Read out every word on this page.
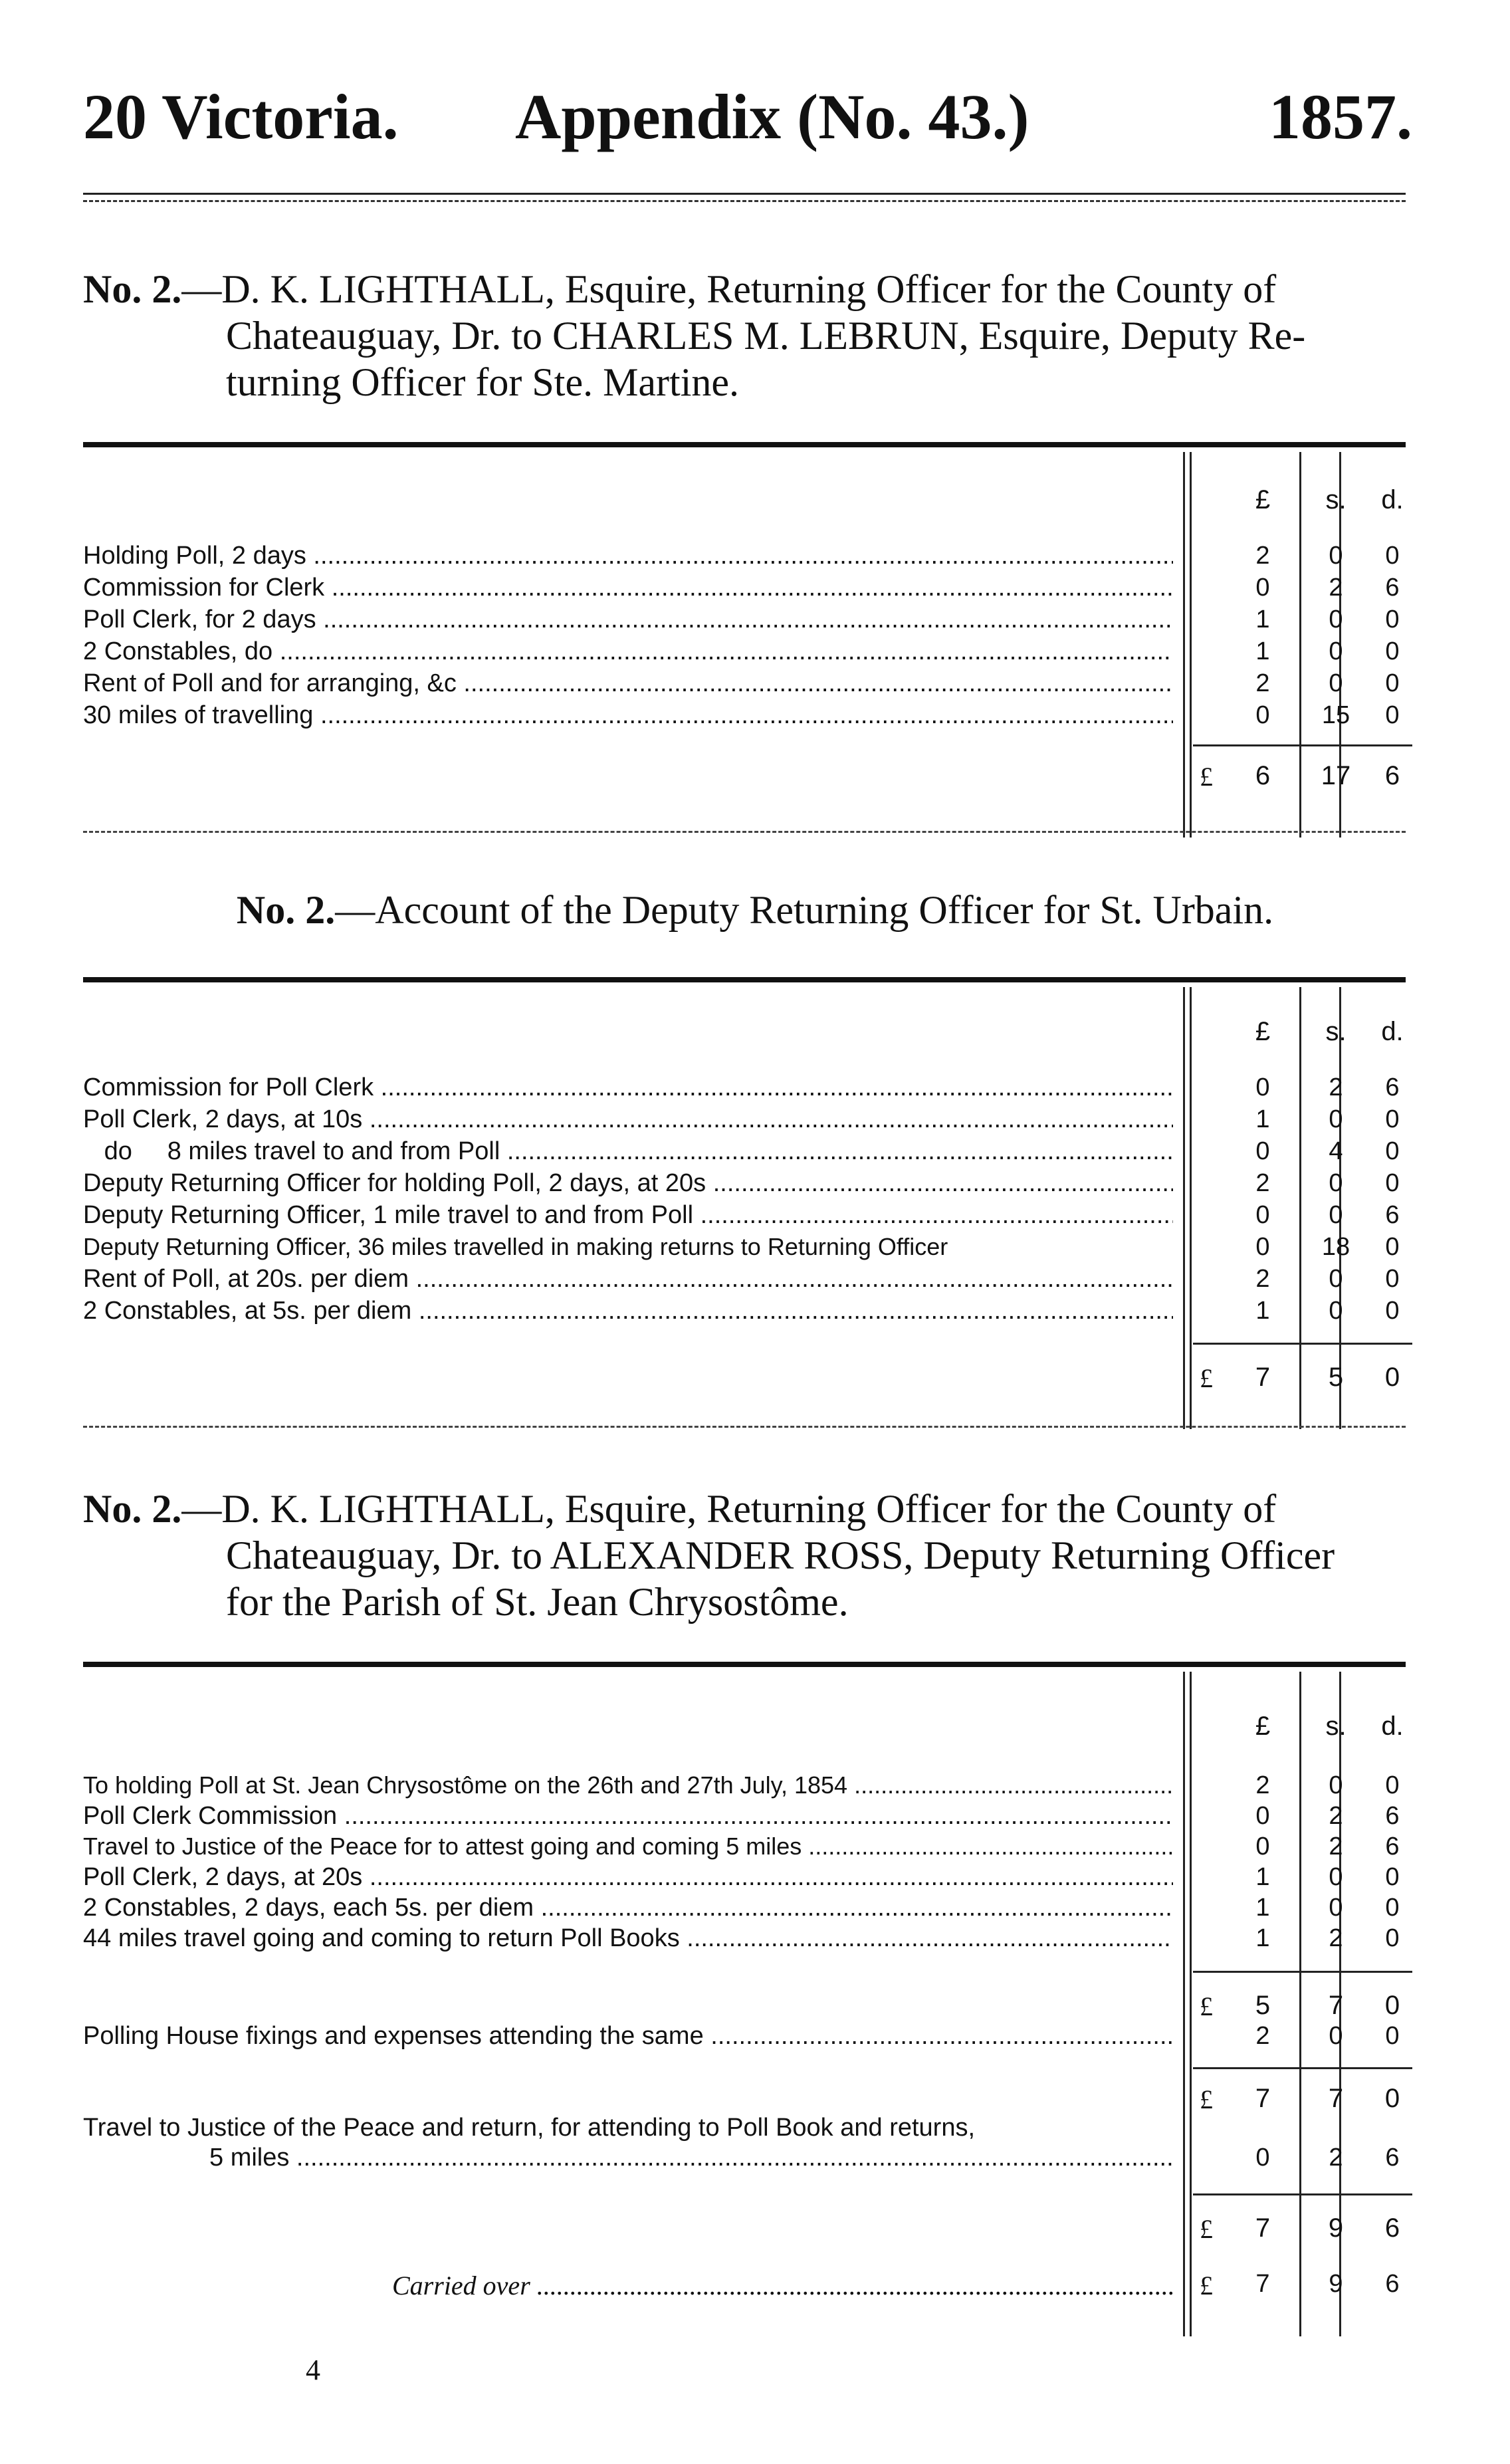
20 Victoria. Appendix (No. 43.)	1857.
No. 2.—D. K. LIGHTHALL, Esquire, Returning Officer for the County of
Chateauguay, Dr. to CHARLES M. LEBRUN, Esquire, Deputy Re-
turning Officer for Ste. Martine.
£	s.	d.
Holding Poll, 2 days .....	2	0	0
Commission for Clerk .....	0	2	6
Poll Clerk, for 2 days .....	1	0	0
2 Constables, do .....	1	0	0
Rent of Poll and for arranging, &c .....	2	0	0
30 miles of travelling .....	0	15	0
£	6	17	6
No. 2.—Account of the Deputy Returning Officer for St. Urbain.
£	s.	d.
Commission for Poll Clerk .....	0	2	6
Poll Clerk, 2 days, at 10s .....	1	0	0
do     8 miles travel to and from Poll .....	0	4	0
Deputy Returning Officer for holding Poll, 2 days, at 20s .....	2	0	0
Deputy Returning Officer, 1 mile travel to and from Poll .....	0	0	6
Deputy Returning Officer, 36 miles travelled in making returns to Returning Officer	0	18	0
Rent of Poll, at 20s. per diem .....	2	0	0
2 Constables, at 5s. per diem .....	1	0	0
£	7	5	0
No. 2.—D. K. LIGHTHALL, Esquire, Returning Officer for the County of
Chateauguay, Dr. to ALEXANDER ROSS, Deputy Returning Officer
for the Parish of St. Jean Chrysostôme.
£	s.	d.
To holding Poll at St. Jean Chrysostôme on the 26th and 27th July, 1854 .....	2	0	0
Poll Clerk Commission .....	0	2	6
Travel to Justice of the Peace for to attest going and coming 5 miles .....	0	2	6
Poll Clerk, 2 days, at 20s .....	1	0	0
2 Constables, 2 days, each 5s. per diem .....	1	0	0
44 miles travel going and coming to return Poll Books .....	1	2	0
£	5	7	0
Polling House fixings and expenses attending the same .....	2	0	0
£	7	7	0
Travel to Justice of the Peace and return, for attending to Poll Book and returns,
5 miles .....	0	2	6
£	7	9	6
Carried over .....	7	9	6
£
4
